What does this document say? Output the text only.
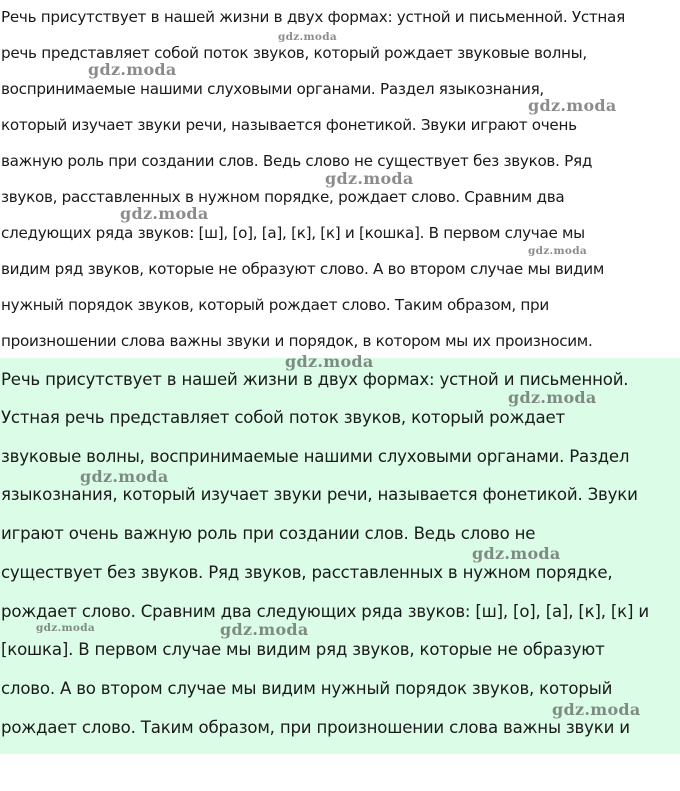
Речь присутствует в нашей жизни в двух формах: устной и письменной. Устная
речь представляет собой поток звуков, который рождает звуковые волны,
воспринимаемые нашими слуховыми органами. Раздел языкознания,
который изучает звуки речи, называется фонетикой. Звуки играют очень
важную роль при создании слов. Ведь слово не существует без звуков. Ряд
звуков, расставленных в нужном порядке, рождает слово. Сравним два
следующих ряда звуков: [ш], [о], [а], [к], [к] и [кошка]. В первом случае мы
видим ряд звуков, которые не образуют слово. А во втором случае мы видим
нужный порядок звуков, который рождает слово. Таким образом, при
произношении слова важны звуки и порядок, в котором мы их произносим.
Речь присутствует в нашей жизни в двух формах: устной и письменной.
Устная речь представляет собой поток звуков, который рождает
звуковые волны, воспринимаемые нашими слуховыми органами. Раздел
языкознания, который изучает звуки речи, называется фонетикой. Звуки
играют очень важную роль при создании слов. Ведь слово не
существует без звуков. Ряд звуков, расставленных в нужном порядке,
рождает слово. Сравним два следующих ряда звуков: [ш], [о], [а], [к], [к] и
[кошка]. В первом случае мы видим ряд звуков, которые не образуют
слово. А во втором случае мы видим нужный порядок звуков, который
рождает слово. Таким образом, при произношении слова важны звуки и
gdz.moda
gdz.moda
gdz.moda
gdz.moda
gdz.moda
gdz.moda
gdz.moda
gdz.moda
gdz.moda
gdz.moda
gdz.moda	gdz.moda
gdz.moda
